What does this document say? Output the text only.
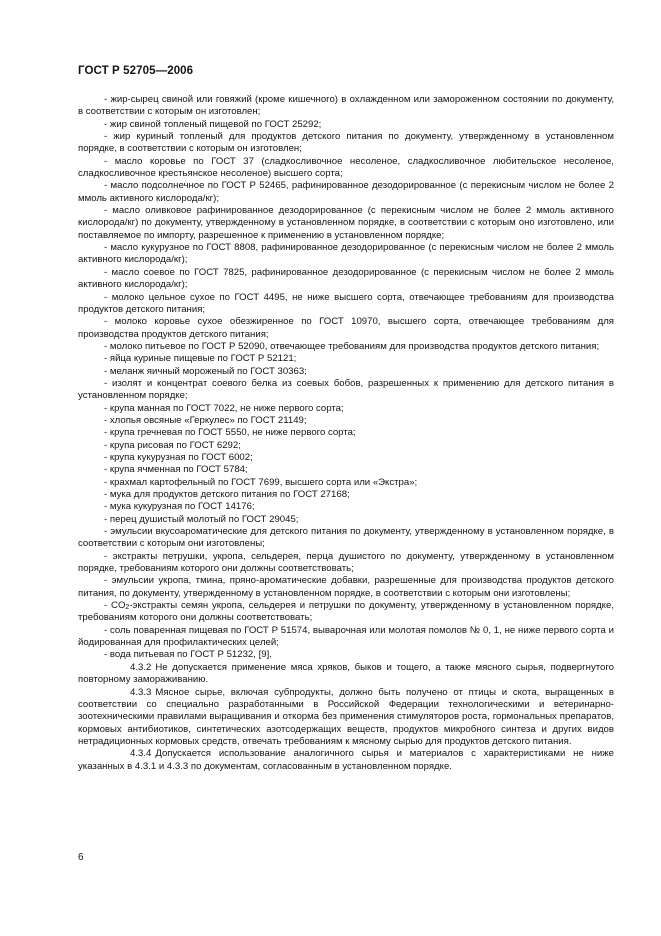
ГОСТ Р 52705—2006

- жир-сырец свиной или говяжий (кроме кишечного) в охлажденном или замороженном состоянии по документу, в соответствии с которым он изготовлен;

- жир свиной топленый пищевой по ГОСТ 25292;

- жир куриный топленый для продуктов детского питания по документу, утвержденному в установленном порядке, в соответствии с которым он изготовлен;

- масло коровье по ГОСТ 37 (сладкосливочное несоленое, сладкосливочное любительское несоленое, сладкосливочное крестьянское несоленое) высшего сорта;

- масло подсолнечное по ГОСТ Р 52465, рафинированное дезодорированное (с перекисным числом не более 2 ммоль активного кислорода/кг);

- масло оливковое рафинированное дезодорированное (с перекисным числом не более 2 ммоль активного кислорода/кг) по документу, утвержденному в установленном порядке, в соответствии с которым оно изготовлено, или поставляемое по импорту, разрешенное к применению в установленном порядке;

- масло кукурузное по ГОСТ 8808, рафинированное дезодорированное (с перекисным числом не более 2 ммоль активного кислорода/кг);

- масло соевое по ГОСТ 7825, рафинированное дезодорированное (с перекисным числом не более 2 ммоль активного кислорода/кг);

- молоко цельное сухое по ГОСТ 4495, не ниже высшего сорта, отвечающее требованиям для производства продуктов детского питания;

- молоко коровье сухое обезжиренное по ГОСТ 10970, высшего сорта, отвечающее требованиям для производства продуктов детского питания;

- молоко питьевое по ГОСТ Р 52090, отвечающее требованиям для производства продуктов детского питания;

- яйца куриные пищевые по ГОСТ Р 52121;

- меланж яичный мороженый по ГОСТ 30363;

- изолят и концентрат соевого белка из соевых бобов, разрешенных к применению для детского питания в установленном порядке;

- крупа манная по ГОСТ 7022, не ниже первого сорта;

- хлопья овсяные «Геркулес» по ГОСТ 21149;

- крупа гречневая по ГОСТ 5550, не ниже первого сорта;

- крупа рисовая по ГОСТ 6292;

- крупа кукурузная по ГОСТ 6002;

- крупа ячменная по ГОСТ 5784;

- крахмал картофельный по ГОСТ 7699, высшего сорта или «Экстра»;

- мука для продуктов детского питания по ГОСТ 27168;

- мука кукурузная по ГОСТ 14176;

- перец душистый молотый по ГОСТ 29045;

- эмульсии вкусоароматические для детского питания по документу, утвержденному в установленном порядке, в соответствии с которым они изготовлены;

- экстракты петрушки, укропа, сельдерея, перца душистого по документу, утвержденному в установленном порядке, требованиям которого они должны соответствовать;

- эмульсии укропа, тмина, пряно-ароматические добавки, разрешенные для производства продуктов детского питания, по документу, утвержденному в установленном порядке, в соответствии с которым они изготовлены;

- $CO_2$-экстракты семян укропа, сельдерея и петрушки по документу, утвержденному в установленном порядке, требованиям которого они должны соответствовать;

- соль поваренная пищевая по ГОСТ Р 51574, выварочная или молотая помолов № 0, 1, не ниже первого сорта и йодированная для профилактических целей;

- вода питьевая по ГОСТ Р 51232, [9].

4.3.2 Не допускается применение мяса хряков, быков и тощего, а также мясного сырья, подвергнутого повторному замораживанию.

4.3.3 Мясное сырье, включая субпродукты, должно быть получено от птицы и скота, выращенных в соответствии со специально разработанными в Российской Федерации технологическими и ветеринарно-зоотехническими правилами выращивания и откорма без применения стимуляторов роста, гормональных препаратов, кормовых антибиотиков, синтетических азотсодержащих веществ, продуктов микробного синтеза и других видов нетрадиционных кормовых средств, отвечать требованиям к мясному сырью для продуктов детского питания.

4.3.4 Допускается использование аналогичного сырья и материалов с характеристиками не ниже указанных в 4.3.1 и 4.3.3 по документам, согласованным в установленном порядке.

6
